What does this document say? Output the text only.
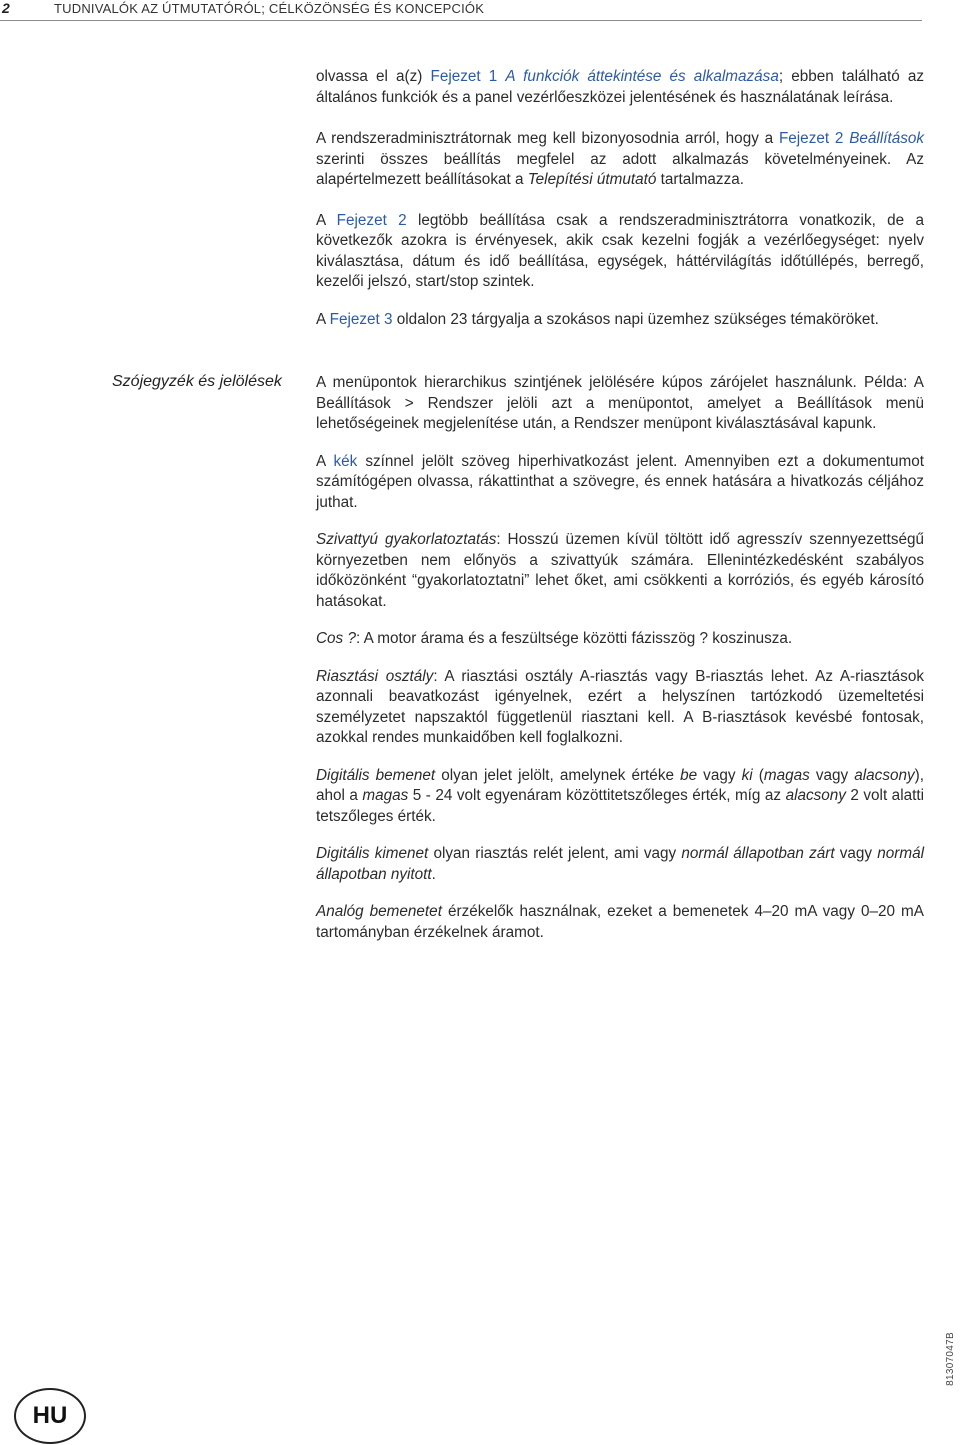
2	TUDNIVALÓK AZ ÚTMUTATÓRÓL; CÉLKÖZÖNSÉG ÉS KONCEPCIÓK

olvassa el a(z) Fejezet 1 A funkciók áttekintése és alkalmazása; ebben található az általános funkciók és a panel vezérlőeszközei jelentésének és használatának leírása.

A rendszeradminisztrátornak meg kell bizonyosodnia arról, hogy a Fejezet 2 Beállítások szerinti összes beállítás megfelel az adott alkalmazás követelményeinek. Az alapértelmezett beállításokat a Telepítési útmutató tartalmazza.

A Fejezet 2 legtöbb beállítása csak a rendszeradminisztrátorra vonatkozik, de a következők azokra is érvényesek, akik csak kezelni fogják a vezérlőegységet: nyelv kiválasztása, dátum és idő beállítása, egységek, háttérvilágítás időtúllépés, berregő, kezelői jelszó, start/stop szintek.

A Fejezet 3 oldalon 23 tárgyalja a szokásos napi üzemhez szükséges témaköröket.

Szójegyzék és jelölések	A menüpontok hierarchikus szintjének jelölésére kúpos zárójelet használunk. Példa: A Beállítások > Rendszer jelöli azt a menüpontot, amelyet a Beállítások menü lehetőségeinek megjelenítése után, a Rendszer menüpont kiválasztásával kapunk.

A kék színnel jelölt szöveg hiperhivatkozást jelent. Amennyiben ezt a dokumentumot számítógépen olvassa, rákattinthat a szövegre, és ennek hatására a hivatkozás céljához juthat.

Szivattyú gyakorlatoztatás: Hosszú üzemen kívül töltött idő agresszív szennyezettségű környezetben nem előnyös a szivattyúk számára. Ellenintézkedésként szabályos időközönként “gyakorlatoztatni” lehet őket, ami csökkenti a korróziós, és egyéb károsító hatásokat.

Cos ?: A motor árama és a feszültsége közötti fázisszög ? koszinusza.

Riasztási osztály: A riasztási osztály A-riasztás vagy B-riasztás lehet. Az A-riasztások azonnali beavatkozást igényelnek, ezért a helyszínen tartózkodó üzemeltetési személyzetet napszaktól függetlenül riasztani kell. A B-riasztások kevésbé fontosak, azokkal rendes munkaidőben kell foglalkozni.

Digitális bemenet olyan jelet jelölt, amelynek értéke be vagy ki (magas vagy alacsony), ahol a magas 5 - 24 volt egyenáram közöttitetszőleges érték, míg az alacsony 2 volt alatti tetszőleges érték.

Digitális kimenet olyan riasztás relét jelent, ami vagy normál állapotban zárt vagy normál állapotban nyitott.

Analóg bemenetet érzékelők használnak, ezeket a bemenetek 4–20 mA vagy 0–20 mA tartományban érzékelnek áramot.

HU
81307047B
